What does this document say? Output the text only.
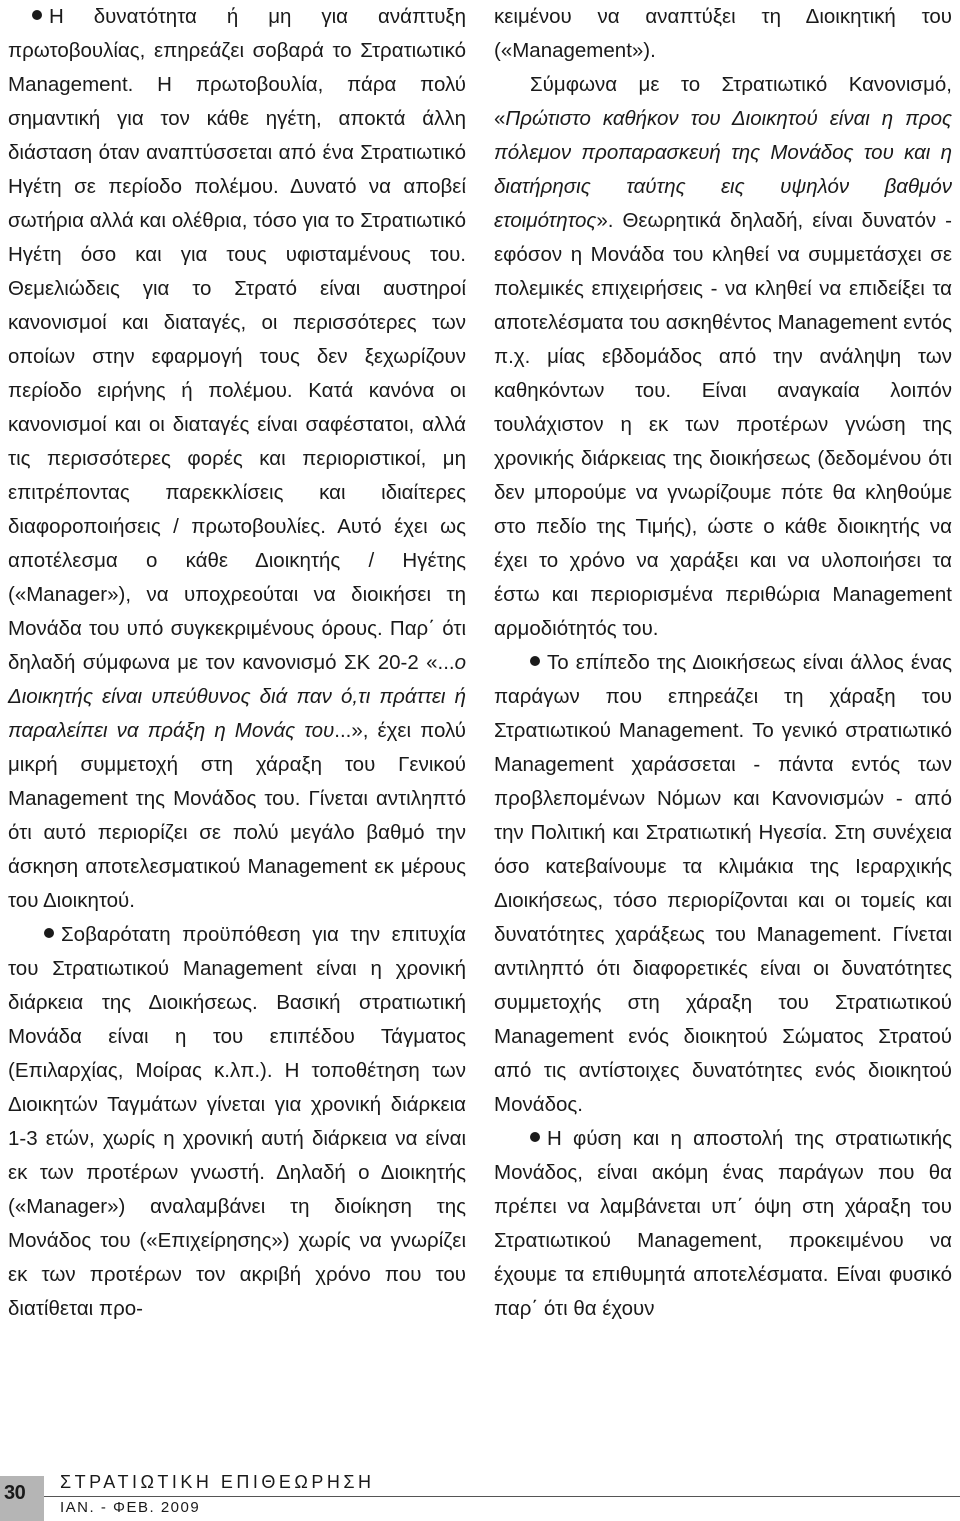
Η δυνατότητα ή μη για ανάπτυξη πρωτοβουλίας, επηρεάζει σοβαρά το Στρατιωτικό Management. Η πρωτοβουλία, πάρα πολύ σημαντική για τον κάθε ηγέτη, αποκτά άλλη διάσταση όταν αναπτύσσεται από ένα Στρατιωτικό Ηγέτη σε περίοδο πολέμου. Δυνατό να αποβεί σωτήρια αλλά και ολέθρια, τόσο για το Στρατιωτικό Ηγέτη όσο και για τους υφισταμένους του. Θεμελιώδεις για το Στρατό είναι αυστηροί κανονισμοί και διαταγές, οι περισσότερες των οποίων στην εφαρμογή τους δεν ξεχωρίζουν περίοδο ειρήνης ή πολέμου. Κατά κανόνα οι κανονισμοί και οι διαταγές είναι σαφέστατοι, αλλά τις περισσότερες φορές και περιοριστικοί, μη επιτρέποντας παρεκκλίσεις και ιδιαίτερες διαφοροποιήσεις / πρωτοβουλίες. Αυτό έχει ως αποτέλεσμα ο κάθε Διοικητής / Ηγέτης («Manager»), να υποχρεούται να διοικήσει τη Μονάδα του υπό συγκεκριμένους όρους. Παρ΄ ότι δηλαδή σύμφωνα με τον κανονισμό ΣΚ 20-2 «...ο Διοικητής είναι υπεύθυνος διά παν ό,τι πράττει ή παραλείπει να πράξη η Μονάς του...», έχει πολύ μικρή συμμετοχή στη χάραξη του Γενικού Management της Μονάδος του. Γίνεται αντιληπτό ότι αυτό περιορίζει σε πολύ μεγάλο βαθμό την άσκηση αποτελεσματικού Management εκ μέρους του Διοικητού.

Σοβαρότατη προϋπόθεση για την επιτυχία του Στρατιωτικού Management είναι η χρονική διάρκεια της Διοικήσεως. Βασική στρατιωτική Μονάδα είναι η του επιπέδου Τάγματος (Επιλαρχίας, Μοίρας κ.λπ.). Η τοποθέτηση των Διοικητών Ταγμάτων γίνεται για χρονική διάρκεια 1-3 ετών, χωρίς η χρονική αυτή διάρκεια να είναι εκ των προτέρων γνωστή. Δηλαδή ο Διοικητής («Manager») αναλαμβάνει τη διοίκηση της Μονάδος του («Επιχείρησης») χωρίς να γνωρίζει εκ των προτέρων τον ακριβή χρόνο που του διατίθεται προ-

κειμένου να αναπτύξει τη Διοικητική του («Management»).

Σύμφωνα με το Στρατιωτικό Κανονισμό, «Πρώτιστο καθήκον του Διοικητού είναι η προς πόλεμον προπαρασκευή της Μονάδος του και η διατήρησις ταύτης εις υψηλόν βαθμόν ετοιμότητος». Θεωρητικά δηλαδή, είναι δυνατόν - εφόσον η Μονάδα του κληθεί να συμμετάσχει σε πολεμικές επιχειρήσεις - να κληθεί να επιδείξει τα αποτελέσματα του ασκηθέντος Management εντός π.χ. μίας εβδομάδος από την ανάληψη των καθηκόντων του. Είναι αναγκαία λοιπόν τουλάχιστον η εκ των προτέρων γνώση της χρονικής διάρκειας της διοικήσεως (δεδομένου ότι δεν μπορούμε να γνωρίζουμε πότε θα κληθούμε στο πεδίο της Τιμής), ώστε ο κάθε διοικητής να έχει το χρόνο να χαράξει και να υλοποιήσει τα έστω και περιορισμένα περιθώρια Management αρμοδιότητός του.

Το επίπεδο της Διοικήσεως είναι άλλος ένας παράγων που επηρεάζει τη χάραξη του Στρατιωτικού Management. Το γενικό στρατιωτικό Management χαράσσεται - πάντα εντός των προβλεπομένων Νόμων και Κανονισμών - από την Πολιτική και Στρατιωτική Ηγεσία. Στη συνέχεια όσο κατεβαίνουμε τα κλιμάκια της Ιεραρχικής Διοικήσεως, τόσο περιορίζονται και οι τομείς και δυνατότητες χαράξεως του Management. Γίνεται αντιληπτό ότι διαφορετικές είναι οι δυνατότητες συμμετοχής στη χάραξη του Στρατιωτικού Management ενός διοικητού Σώματος Στρατού από τις αντίστοιχες δυνατότητες ενός διοικητού Μονάδος.

Η φύση και η αποστολή της στρατιωτικής Μονάδος, είναι ακόμη ένας παράγων που θα πρέπει να λαμβάνεται υπ΄ όψη στη χάραξη του Στρατιωτικού Management, προκειμένου να έχουμε τα επιθυμητά αποτελέσματα. Είναι φυσικό παρ΄ ότι θα έχουν

30 ΣΤΡΑΤΙΩΤΙΚΗ ΕΠΙΘΕΩΡΗΣΗ
ΙΑΝ. - ΦΕΒ. 2009
